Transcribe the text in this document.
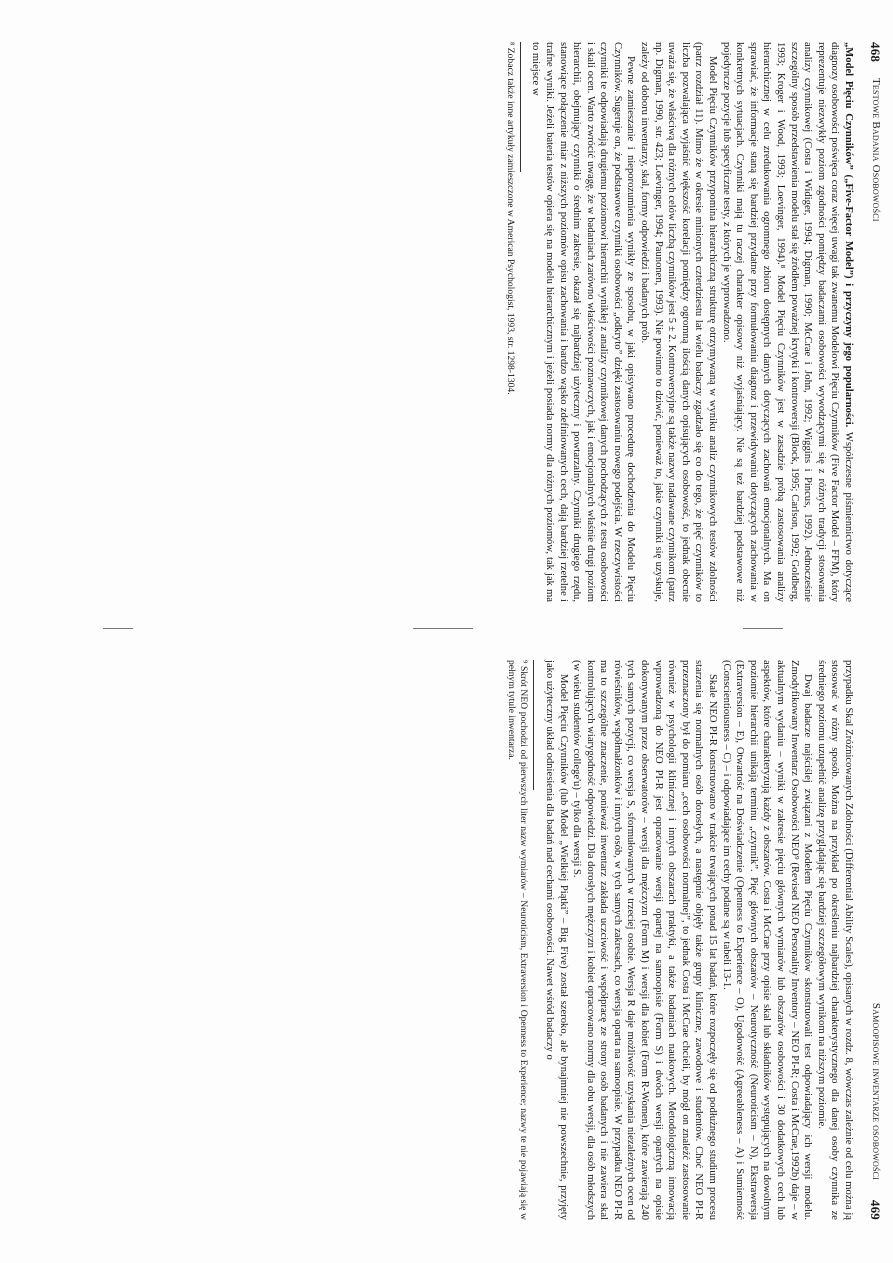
468
Testowe Badania Osobowości

„Model Pięciu Czynników” („Five-Factor Model”) i przyczyny jego popularności. Współczesne piśmiennictwo dotyczące diagnozy osobowości poświęca coraz więcej uwagi tak zwanemu Modelowi Pięciu Czynników (Five Factor Model – FFM), który reprezentuje niezwykły poziom zgodności pomiędzy badaczami osobowości wywodzącymi się z różnych tradycji stosowania analizy czynnikowej (Costa i Widiger, 1994; Digman, 1990; McCrae i John, 1992; Wiggins i Pincus, 1992). Jednocześnie szczególny sposób przedstawienia modelu stał się źródłem poważnej krytyki i kontrowersji (Block, 1995; Carlson, 1992; Goldberg, 1993; Kroger i Wood, 1993; Loevinger, 1994).⁸ Model Pięciu Czynników jest w zasadzie próbą zastosowania analizy hierarchicznej w celu zredukowania ogromnego zbioru dostępnych danych dotyczących zachowań emocjonalnych. Ma on sprawiać, że informacje staną się bardziej przydatne przy formułowaniu diagnoz i przewidywaniu dotyczących zachowania w konkretnych sytuacjach. Czynniki mają tu raczej charakter opisowy niż wyjaśniający. Nie są też bardziej podstawowe niż pojedyncze pozycje lub specyficzne testy, z których je wyprowadzono.

Model Pięciu Czynników przypomina hierarchiczną strukturę otrzymywaną w wyniku analiz czynnikowych testów zdolności (patrz rozdział 11). Mimo że w okresie minionych czterdziestu lat wielu badaczy zgadzało się co do tego, że pięć czynników to liczba pozwalająca wyjaśnić większość korelacji pomiędzy ogromną ilością danych opisujących osobowość, to jednak obecnie uważa się, że właściwą dla różnych celów liczbą czynników jest 5 ± 2. Kontrowersyjne są także nazwy nadawane czynnikom (patrz np. Digman, 1990, str. 423; Loevinger, 1994; Paunonen, 1993). Nie powinno to dziwić, ponieważ to, jakie czynniki się uzyskuje, zależy od doboru inwentarzy, skal, formy odpowiedzi i badanych prób.

Pewne zamieszanie i nieporozumienia wynikły ze sposobu, w jaki opisywano procedurę dochodzenia do Modelu Pięciu Czynników. Sugeruje on, że podstawowe czynniki osobowości „odkryto” dzięki zastosowaniu nowego podejścia. W rzeczywistości czynniki te odpowiadają drugiemu poziomowi hierarchii wynikłej z analizy czynnikowej danych pochodzących z testu osobowości i skali ocen. Warto zwrócić uwagę, że w badaniach zarówno właściwości poznawczych, jak i emocjonalnych właśnie drugi poziom hierarchii, obejmujący czynniki o średnim zakresie, okazał się najbardziej użyteczny i powtarzalny. Czynniki drugiego rzędu, stanowiące połączenie miar z niższych poziomów opisu zachowania i bardzo wąsko zdefiniowanych cech, dają bardziej rzetelne i trafne wyniki. Jeżeli bateria testów opiera się na modelu hierarchicznym i jeżeli posiada normy dla różnych poziomów, tak jak ma to miejsce w

⁸ Zobacz także inne artykuły zamieszczone w American Psychologist, 1993, str. 1298-1304.
Samoopisowe inwentarze osobowości
469

przypadku Skal Zróżnicowanych Zdolności (Differential Ability Scales), opisanych w rozdz. 8, wówczas zależnie od celu można ją stosować w różny sposób. Można na przykład po określeniu najbardziej charakterystycznego dla danej osoby czynnika ze średniego poziomu uzupełnić analizę przyglądając się bardziej szczegółowym wynikom na niższym poziomie.

Dwaj badacze najściślej związani z Modelem Pięciu Czynników skonstruowali test odpowiadający ich wersji modelu. Zmodyfikowany Inwentarz Osobowości NEO⁹ (Revised NEO Personality Inventory – NEO PI-R; Costa i McCrae,1992b) daje – w aktualnym wydaniu – wyniki w zakresie pięciu głównych wymiarów lub obszarów osobowości i 30 dodatkowych cech lub aspektów, które charakteryzują każdy z obszarów. Costa i McCrae przy opisie skal lub składników występujących na dowolnym poziomie hierarchii unikają terminu „czynnik”. Pięć głównych obszarów – Neurotyczność (Neuroticism – N), Ekstrawersja (Extraversion – E), Otwartość na Doświadczenie (Openness to Experience – O), Ugodowość (Agreeableness – A) i Sumienność (Conscientiousness – C) – i odpowiadające im cechy podane są w tabeli 13-1.

Skale NEO PI-R konstruowano w trakcie trwających ponad 15 lat badań, które rozpoczęły się od podłużnego studium procesu starzenia się normalnych osób dorosłych, a następnie objęły także grupy kliniczne, zawodowe i studentów. Choć NEO PI-R przeznaczony był do pomiaru „cech osobowości normalnej”, to jednak Costa i McCrae chcieli, by mógł on znaleźć zastosowanie również w psychologii klinicznej i innych obszarach praktyki, a także badaniach naukowych. Metodologiczną innowacją wprowadzoną do NEO PI-R jest opracowanie wersji opartej na samoopisie (Form S) i dwóch wersji opartych na opisie dokonywanym przez obserwatorów – wersji dla mężczyzn (Form M) i wersji dla kobiet (Form R-Women), które zawierają 240 tych samych pozycji, co wersja S, sformułowanych w trzeciej osobie. Wersja R daje możliwość uzyskania niezależnych ocen od rówieśników, współmałżonków i innych osób, w tych samych zakresach, co wersja oparta na samoopisie. W przypadku NEO PI-R ma to szczególne znaczenie, ponieważ inwentarz zakłada uczciwość i współpracę ze strony osób badanych i nie zawiera skal kontrolujących wiarygodność odpowiedzi. Dla dorosłych mężczyzn i kobiet opracowano normy dla obu wersji, dla osób młodszych (w wieku studentów college'u) – tylko dla wersji S.

Model Pięciu Czynników (lub Model „Wielkiej Piątki” – Big Five) został szeroko, ale bynajmniej nie powszechnie, przyjęty jako użyteczny układ odniesienia dla badań nad cechami osobowości. Nawet wśród badaczy o

⁹ Skrót NEO pochodzi od pierwszych liter nazw wymiarów – Neuroticism, Extraversion i Openness to Experience; nazwy te nie pojawiają się w pełnym tytule inwentarza.
